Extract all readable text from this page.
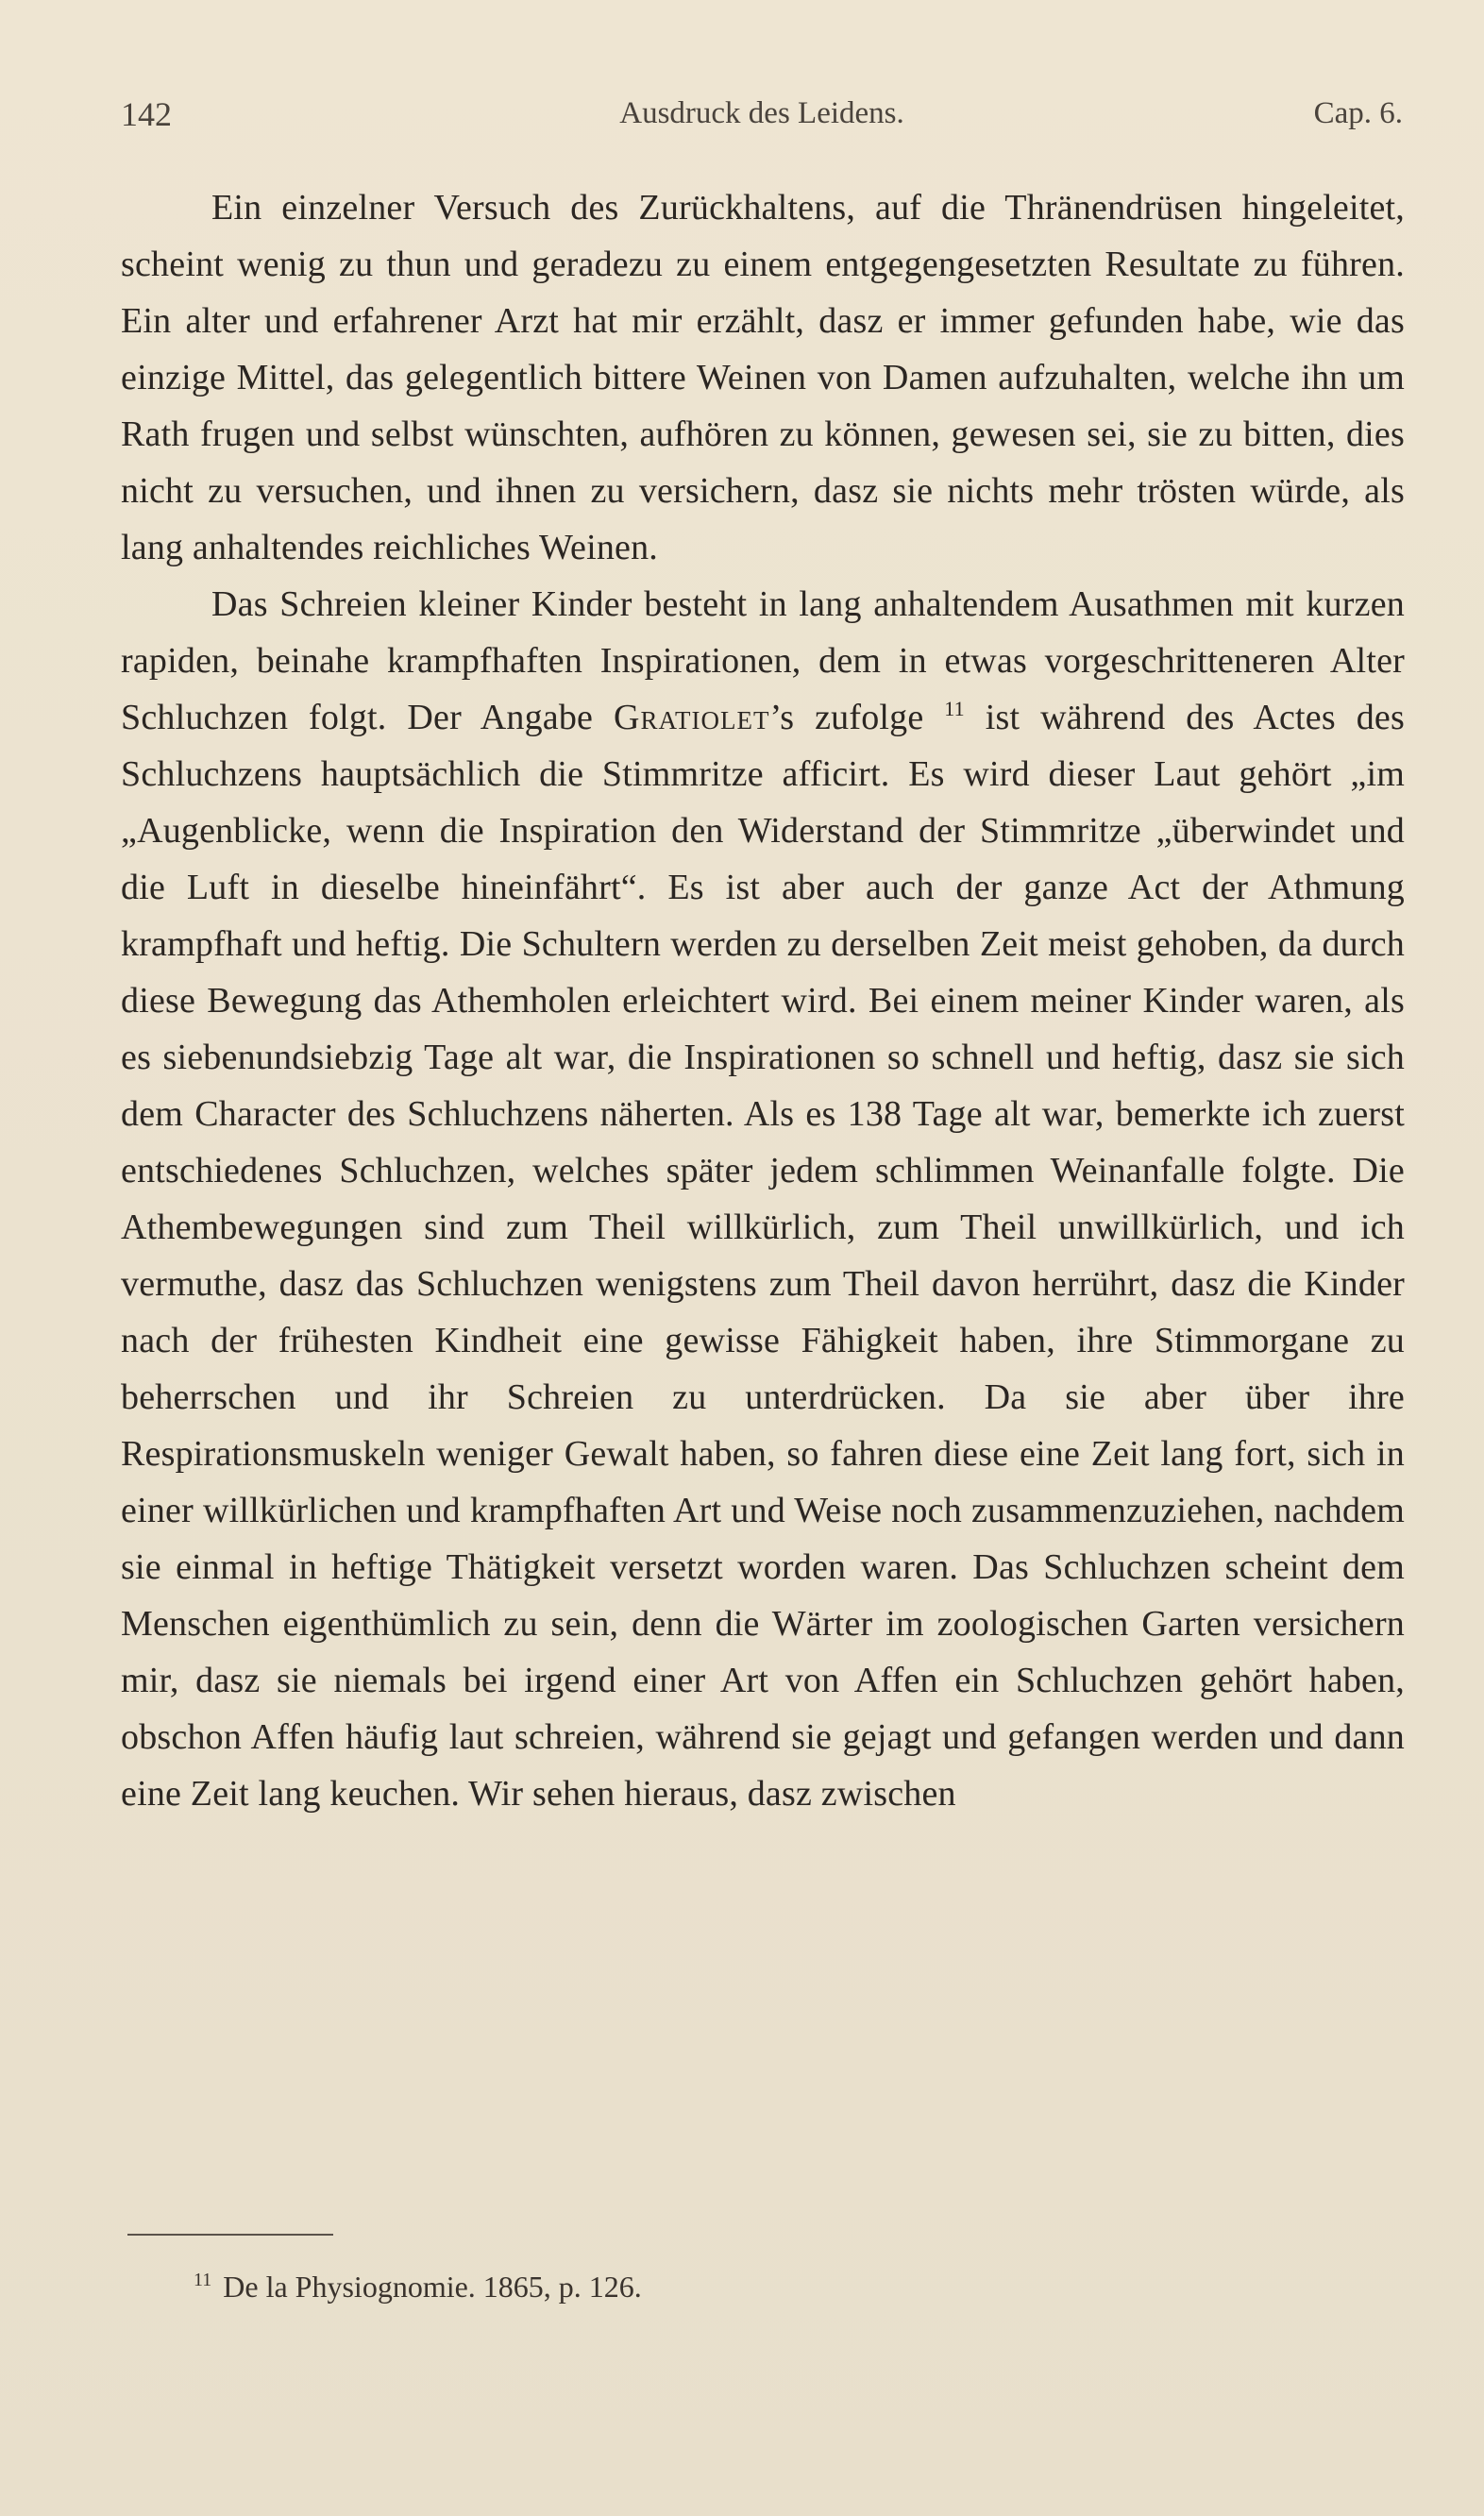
142	Ausdruck des Leidens.	Cap. 6.

Ein einzelner Versuch des Zurückhaltens, auf die Thränendrüsen hingeleitet, scheint wenig zu thun und geradezu zu einem entgegengesetzten Resultate zu führen. Ein alter und erfahrener Arzt hat mir erzählt, dasz er immer gefunden habe, wie das einzige Mittel, das gelegentlich bittere Weinen von Damen aufzuhalten, welche ihn um Rath frugen und selbst wünschten, aufhören zu können, gewesen sei, sie zu bitten, dies nicht zu versuchen, und ihnen zu versichern, dasz sie nichts mehr trösten würde, als lang anhaltendes reichliches Weinen.

Das Schreien kleiner Kinder besteht in lang anhaltendem Ausathmen mit kurzen rapiden, beinahe krampfhaften Inspirationen, dem in etwas vorgeschritteneren Alter Schluchzen folgt. Der Angabe Gratiolet’s zufolge $^{11}$ ist während des Actes des Schluchzens hauptsächlich die Stimmritze afficirt. Es wird dieser Laut gehört „im „Augenblicke, wenn die Inspiration den Widerstand der Stimmritze „überwindet und die Luft in dieselbe hineinfährt“. Es ist aber auch der ganze Act der Athmung krampfhaft und heftig. Die Schultern werden zu derselben Zeit meist gehoben, da durch diese Bewegung das Athemholen erleichtert wird. Bei einem meiner Kinder waren, als es siebenundsiebzig Tage alt war, die Inspirationen so schnell und heftig, dasz sie sich dem Character des Schluchzens näherten. Als es 138 Tage alt war, bemerkte ich zuerst entschiedenes Schluchzen, welches später jedem schlimmen Weinanfalle folgte. Die Athembewegungen sind zum Theil willkürlich, zum Theil unwillkürlich, und ich vermuthe, dasz das Schluchzen wenigstens zum Theil davon herrührt, dasz die Kinder nach der frühesten Kindheit eine gewisse Fähigkeit haben, ihre Stimmorgane zu beherrschen und ihr Schreien zu unterdrücken. Da sie aber über ihre Respirationsmuskeln weniger Gewalt haben, so fahren diese eine Zeit lang fort, sich in einer willkürlichen und krampfhaften Art und Weise noch zusammenzuziehen, nachdem sie einmal in heftige Thätigkeit versetzt worden waren. Das Schluchzen scheint dem Menschen eigenthümlich zu sein, denn die Wärter im zoologischen Garten versichern mir, dasz sie niemals bei irgend einer Art von Affen ein Schluchzen gehört haben, obschon Affen häufig laut schreien, während sie gejagt und gefangen werden und dann eine Zeit lang keuchen. Wir sehen hieraus, dasz zwischen

$^{11}$ De la Physiognomie. 1865, p. 126.
